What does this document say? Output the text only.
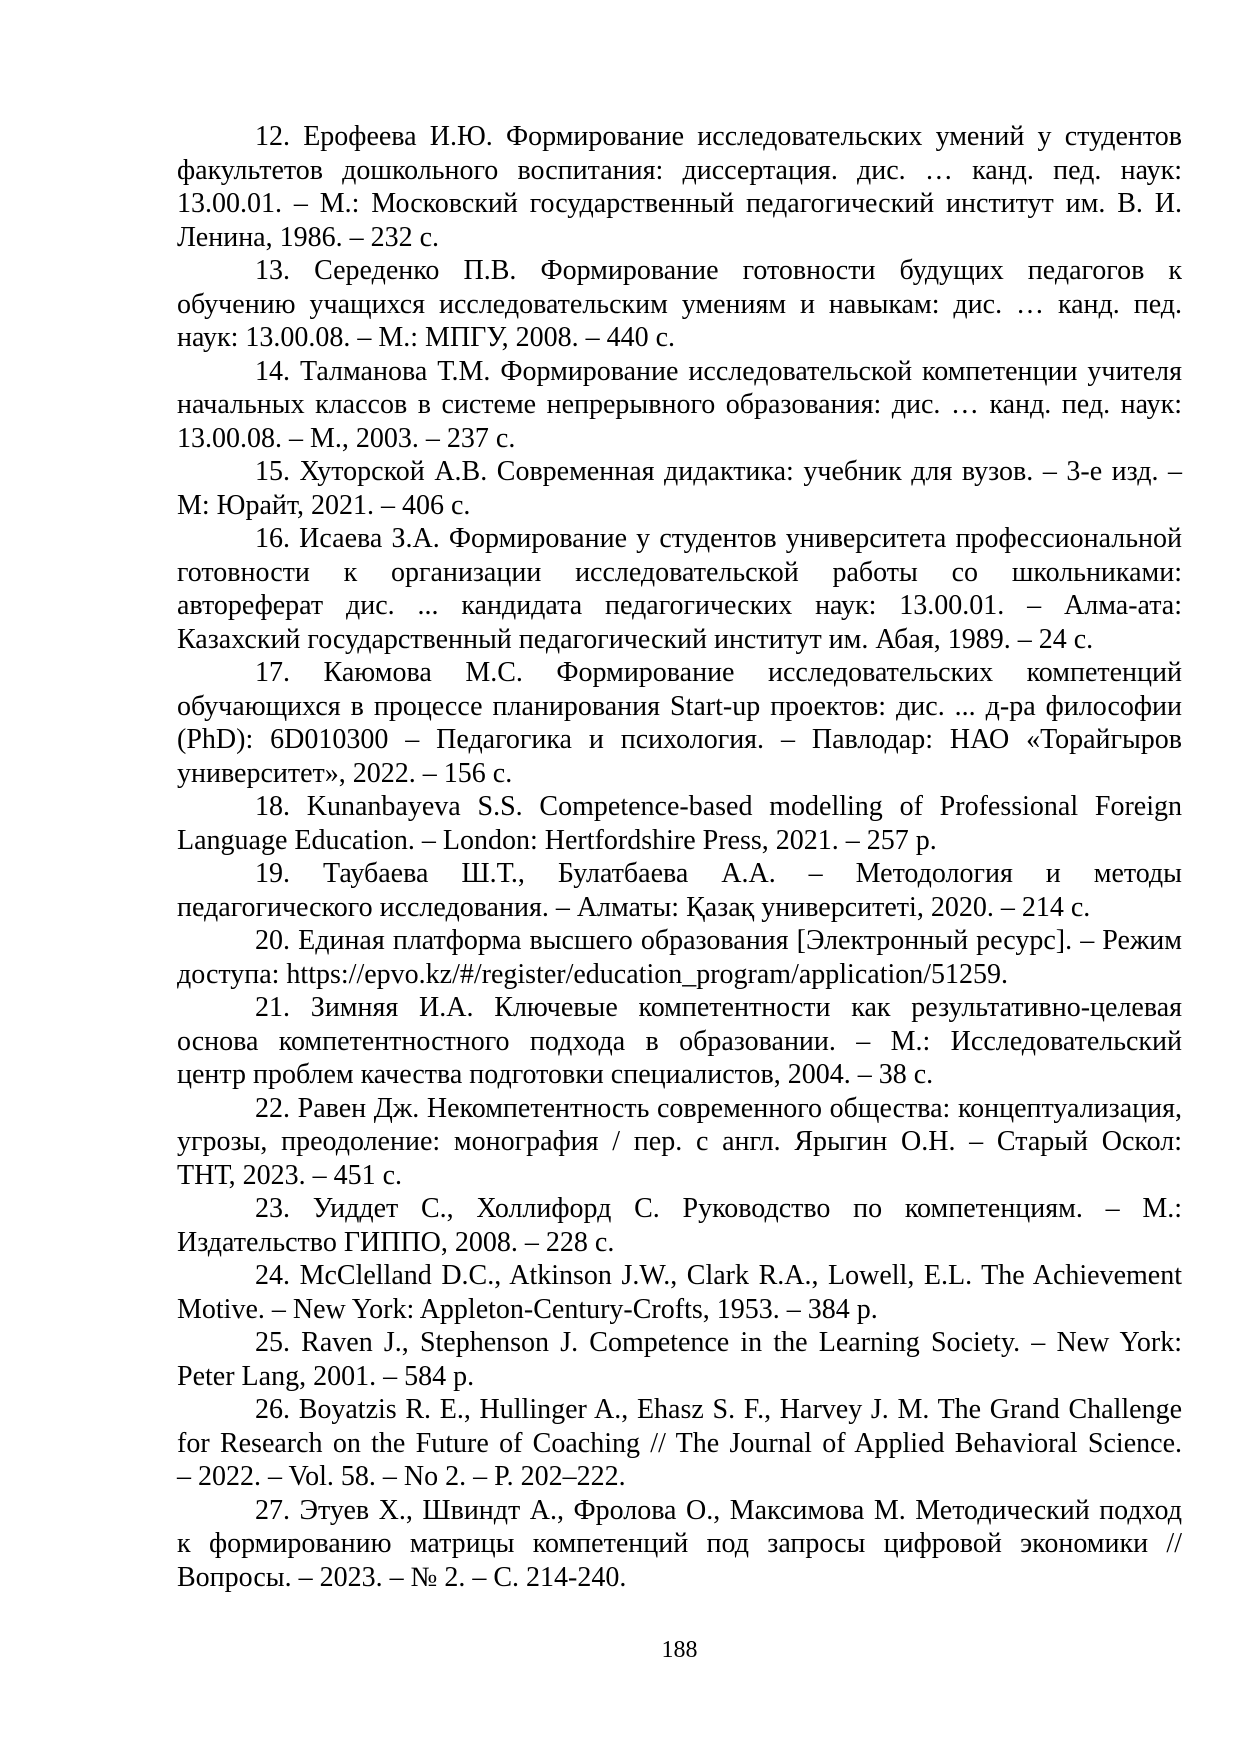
12. Ерофеева И.Ю. Формирование исследовательских умений у студентов
факультетов дошкольного воспитания: диссертация. дис. … канд. пед. наук:
13.00.01. – М.: Московский государственный педагогический институт им. В. И.
Ленина, 1986. – 232 с.
13. Середенко П.В. Формирование готовности будущих педагогов к
обучению учащихся исследовательским умениям и навыкам: дис. … канд. пед.
наук: 13.00.08. – М.: МПГУ, 2008. – 440 с.
14. Талманова Т.М. Формирование исследовательской компетенции учителя
начальных классов в системе непрерывного образования: дис. … канд. пед. наук:
13.00.08. – М., 2003. – 237 с.
15. Хуторской А.В. Современная дидактика: учебник для вузов. – 3-е изд. –
М: Юрайт, 2021. – 406 с.
16. Исаева З.А. Формирование у студентов университета профессиональной
готовности к организации исследовательской работы со школьниками:
автореферат дис. ... кандидата педагогических наук: 13.00.01. – Алма-ата:
Казахский государственный педагогический институт им. Абая, 1989. – 24 с.
17. Каюмова М.С. Формирование исследовательских компетенций
обучающихся в процессе планирования Start-up проектов: дис. ... д-ра философии
(PhD): 6D010300 – Педагогика и психология. – Павлодар: НАО «Торайгыров
университет», 2022. – 156 с.
18. Kunanbayeva S.S. Competence-based modelling of Professional Foreign
Language Education. – London: Hertfordshire Press, 2021. – 257 p.
19. Таубаева Ш.Т., Булатбаева А.А. – Методология и методы
педагогического исследования. – Алматы: Қазақ университеті, 2020. – 214 с.
20. Единая платформа высшего образования [Электронный ресурс]. – Режим
доступа: https://epvo.kz/#/register/education_program/application/51259.
21. Зимняя И.А. Ключевые компетентности как результативно-целевая
основа компетентностного подхода в образовании. – М.: Исследовательский
центр проблем качества подготовки специалистов, 2004. – 38 с.
22. Равен Дж. Некомпетентность современного общества: концептуализация,
угрозы, преодоление: монография / пер. с англ. Ярыгин О.Н. – Старый Оскол:
ТНТ, 2023. – 451 с.
23. Уиддет С., Холлифорд С. Руководство по компетенциям. – М.:
Издательство ГИППО, 2008. – 228 с.
24. McClelland D.C., Atkinson J.W., Clark R.A., Lowell, E.L. The Achievement
Motive. – New York: Appleton-Century-Crofts, 1953. – 384 p.
25. Raven J., Stephenson J. Competence in the Learning Society. – New York:
Peter Lang, 2001. – 584 p.
26. Boyatzis R. E., Hullinger A., Ehasz S. F., Harvey J. M. The Grand Challenge
for Research on the Future of Coaching // The Journal of Applied Behavioral Science.
– 2022. – Vol. 58. – No 2. – P. 202–222.
27. Этуев Х., Швиндт А., Фролова О., Максимова М. Методический подход
к формированию матрицы компетенций под запросы цифровой экономики //
Вопросы. – 2023. – № 2. – С. 214-240.
188
